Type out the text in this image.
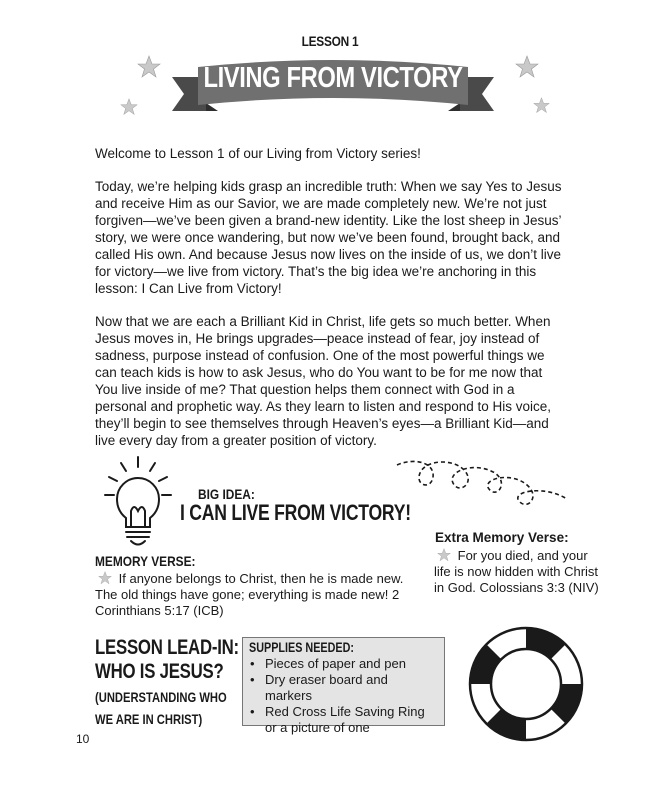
LESSON 1
LIVING FROM VICTORY

Welcome to Lesson 1 of our Living from Victory series!

Today, we’re helping kids grasp an incredible truth: When we say Yes to Jesus and receive Him as our Savior, we are made completely new. We’re not just forgiven—we’ve been given a brand-new identity. Like the lost sheep in Jesus’ story, we were once wandering, but now we’ve been found, brought back, and called His own. And because Jesus now lives on the inside of us, we don’t live for victory—we live from victory. That’s the big idea we’re anchoring in this lesson: I Can Live from Victory!

Now that we are each a Brilliant Kid in Christ, life gets so much better. When Jesus moves in, He brings upgrades—peace instead of fear, joy instead of sadness, purpose instead of confusion. One of the most powerful things we can teach kids is how to ask Jesus, who do You want to be for me now that You live inside of me? That question helps them connect with God in a personal and prophetic way. As they learn to listen and respond to His voice, they’ll begin to see themselves through Heaven’s eyes—a Brilliant Kid—and live every day from a greater position of victory.

BIG IDEA:
I CAN LIVE FROM VICTORY!
MEMORY VERSE:
If anyone belongs to Christ, then he is made new. The old things have gone; everything is made new! 2 Corinthians 5:17 (ICB)
Extra Memory Verse:
For you died, and your life is now hidden with Christ in God. Colossians 3:3 (NIV)
LESSON LEAD-IN:
WHO IS JESUS?
(UNDERSTANDING WHO
WE ARE IN CHRIST)
SUPPLIES NEEDED:
• Pieces of paper and pen
• Dry eraser board and markers
• Red Cross Life Saving Ring or a picture of one
10
